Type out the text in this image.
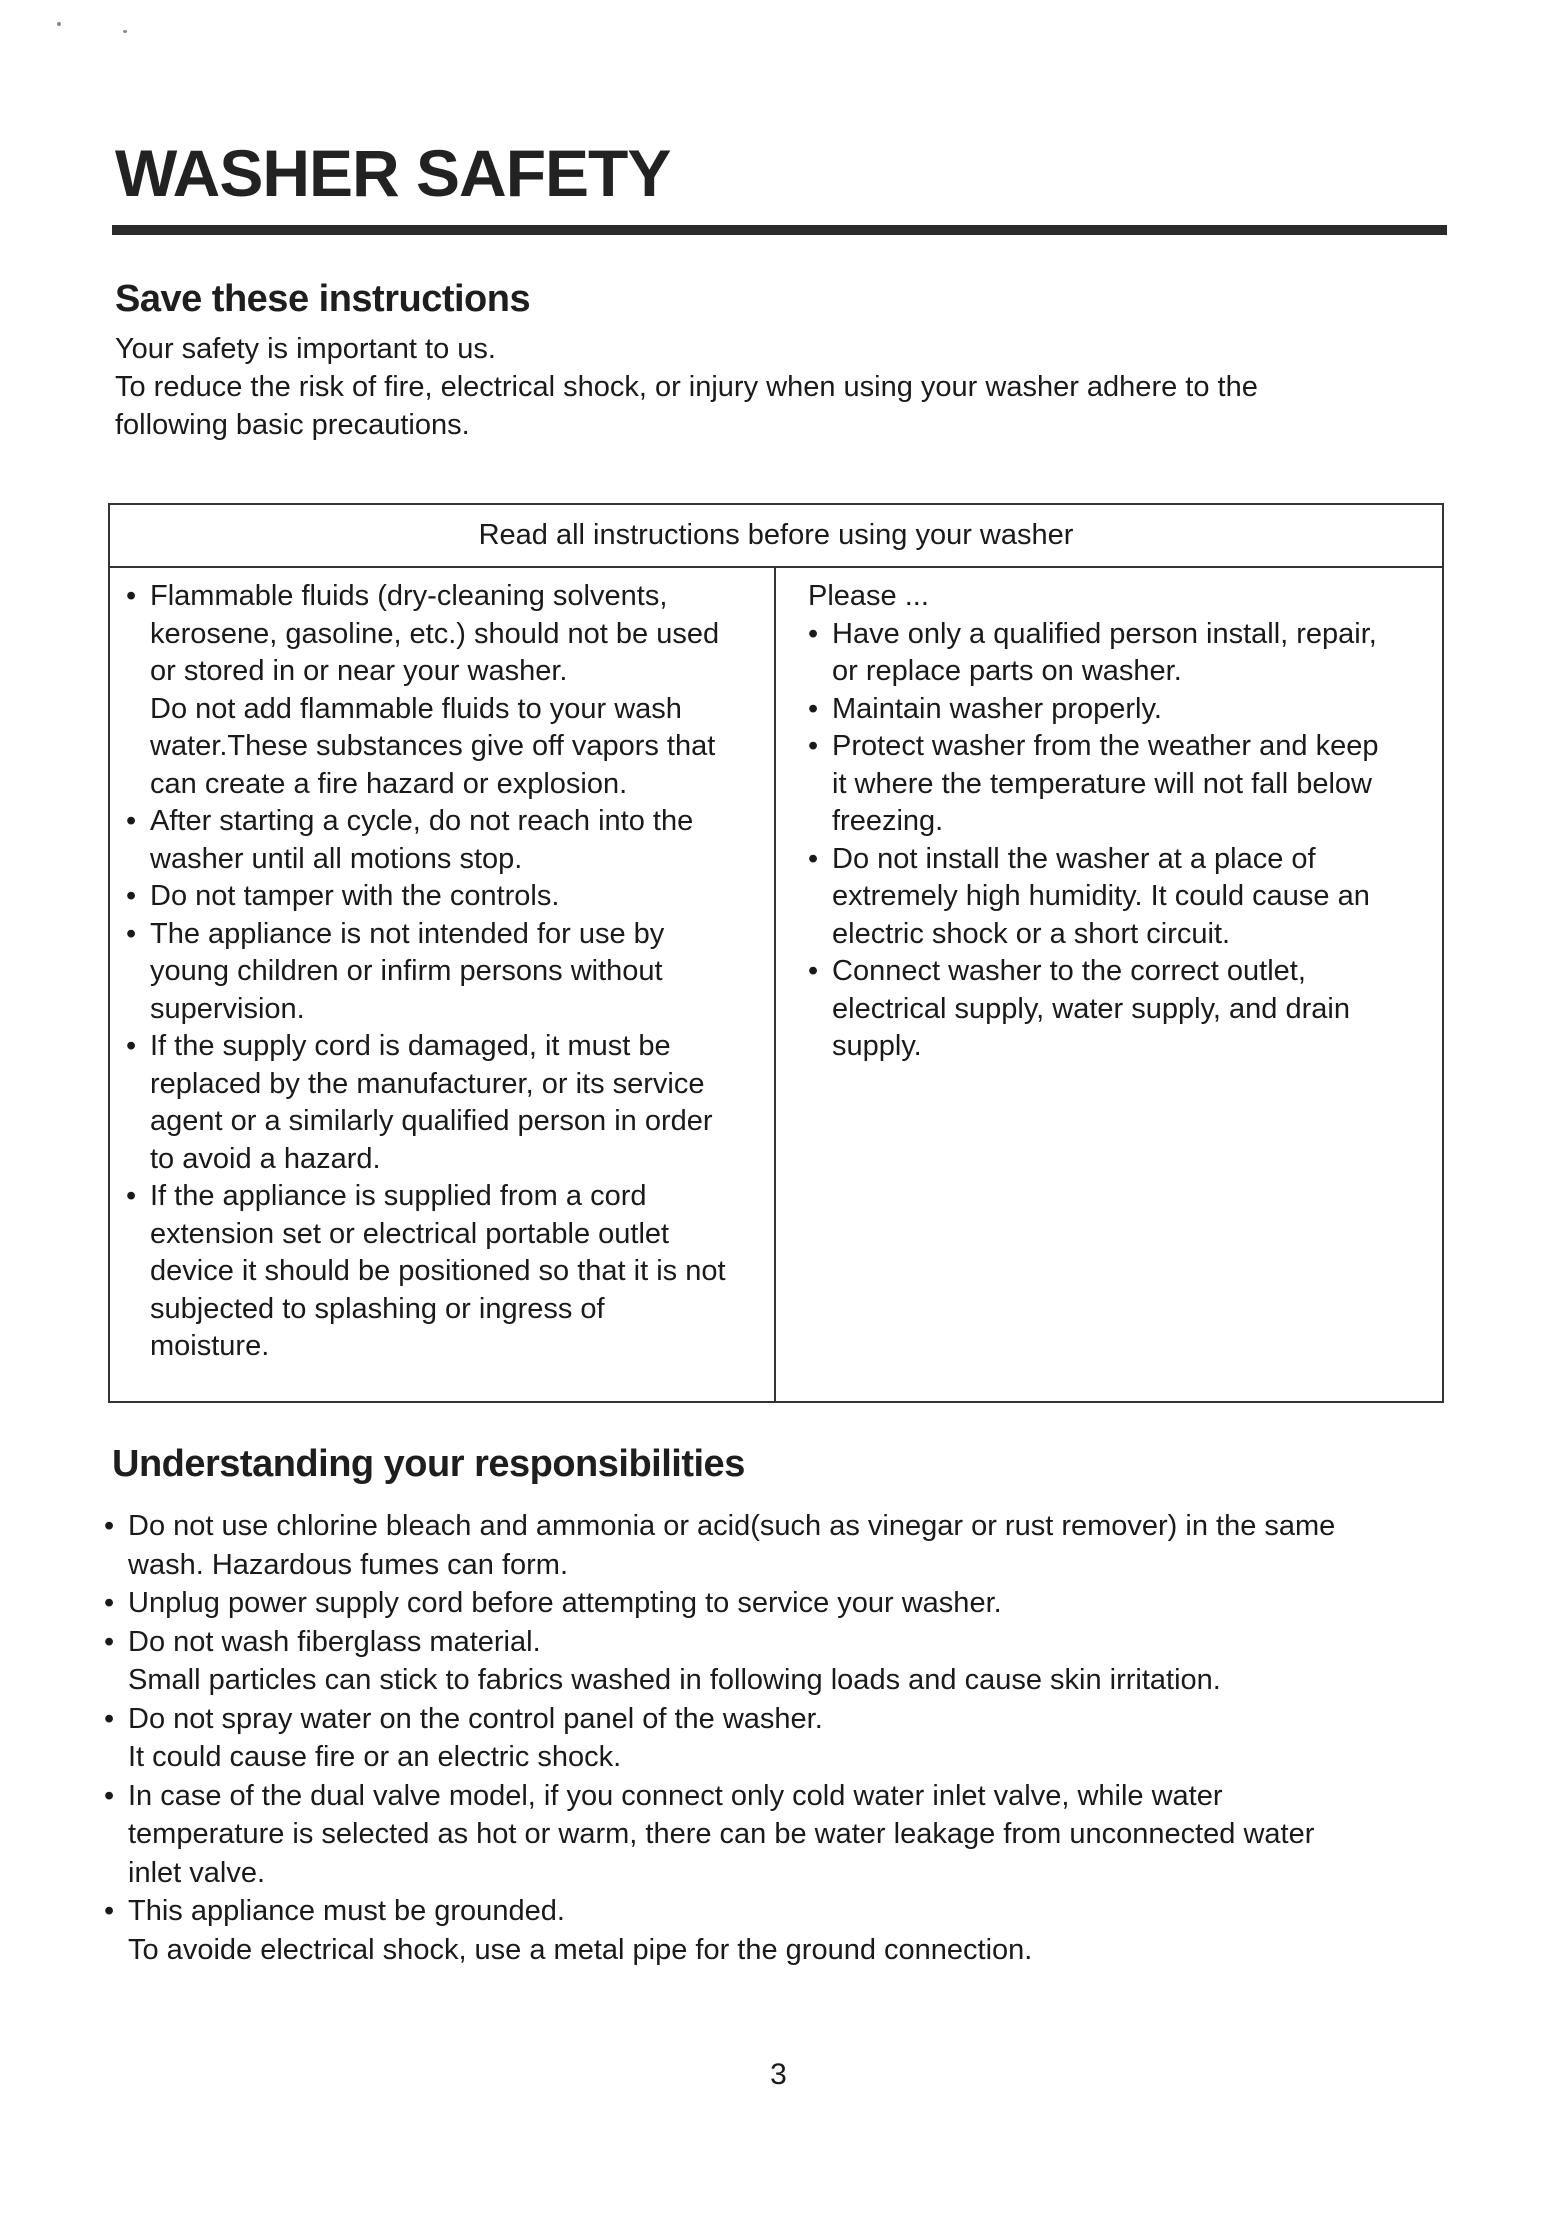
WASHER SAFETY
Save these instructions

Your safety is important to us.

To reduce the risk of fire, electrical shock, or injury when using your washer adhere to the following basic precautions.

Read all instructions before using your washer
• Flammable fluids (dry-cleaning solvents,
kerosene, gasoline, etc.) should not be used
or stored in or near your washer.
Do not add flammable fluids to your wash
water.These substances give off vapors that
can create a fire hazard or explosion.
• After starting a cycle, do not reach into the
washer until all motions stop.
• Do not tamper with the controls.
• The appliance is not intended for use by
young children or infirm persons without
supervision.
• If the supply cord is damaged, it must be
replaced by the manufacturer, or its service
agent or a similarly qualified person in order
to avoid a hazard.
• If the appliance is supplied from a cord
extension set or electrical portable outlet
device it should be positioned so that it is not
subjected to splashing or ingress of
moisture.
Please ...
• Have only a qualified person install, repair,
or replace parts on washer.
• Maintain washer properly.
• Protect washer from the weather and keep
it where the temperature will not fall below
freezing.
• Do not install the washer at a place of
extremely high humidity. It could cause an
electric shock or a short circuit.
• Connect washer to the correct outlet,
electrical supply, water supply, and drain
supply.
Understanding your responsibilities
• Do not use chlorine bleach and ammonia or acid(such as vinegar or rust remover) in the same
wash. Hazardous fumes can form.
• Unplug power supply cord before attempting to service your washer.
• Do not wash fiberglass material.
Small particles can stick to fabrics washed in following loads and cause skin irritation.
• Do not spray water on the control panel of the washer.
It could cause fire or an electric shock.
• In case of the dual valve model, if you connect only cold water inlet valve, while water
temperature is selected as hot or warm, there can be water leakage from unconnected water
inlet valve.
• This appliance must be grounded.
To avoide electrical shock, use a metal pipe for the ground connection.
3
